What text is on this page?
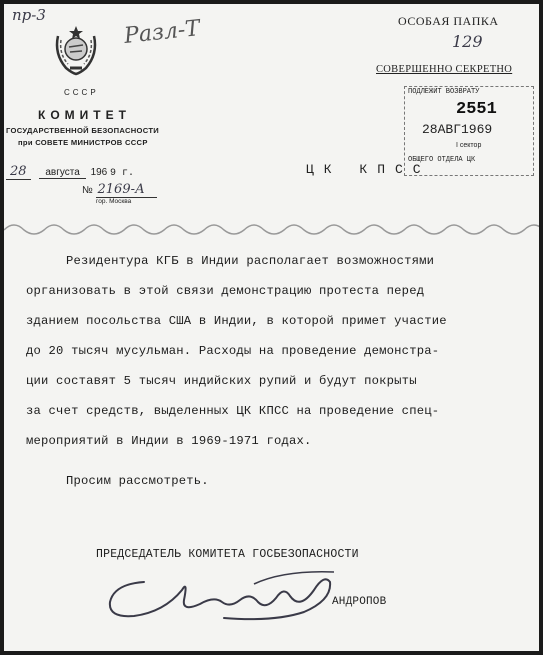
пр-3
Разл-Т
СССР
КОМИТЕТ
ГОСУДАРСТВЕННОЙ БЕЗОПАСНОСТИ
при СОВЕТЕ МИНИСТРОВ СССР
28 августа 196 9 г.
№ 2169-А
гор. Москва
ОСОБАЯ ПАПКА
129
СОВЕРШЕННО СЕКРЕТНО
ПОДЛЕЖИТ ВОЗВРАТУ
2551
28АВГ1969
I сектор
ОБЩЕГО ОТДЕЛА ЦК
ЦК КПСС
Резидентура КГБ в Индии располагает возможностями
организовать в этой связи демонстрацию протеста перед
зданием посольства США в Индии, в которой примет участие
до 20 тысяч мусульман. Расходы на проведение демонстра-
ции составят 5 тысяч индийских рупий и будут покрыты
за счет средств, выделенных ЦК КПСС на проведение спец-
мероприятий в Индии в 1969-1971 годах.
Просим рассмотреть.
ПРЕДСЕДАТЕЛЬ КОМИТЕТА ГОСБЕЗОПАСНОСТИ
АНДРОПОВ
